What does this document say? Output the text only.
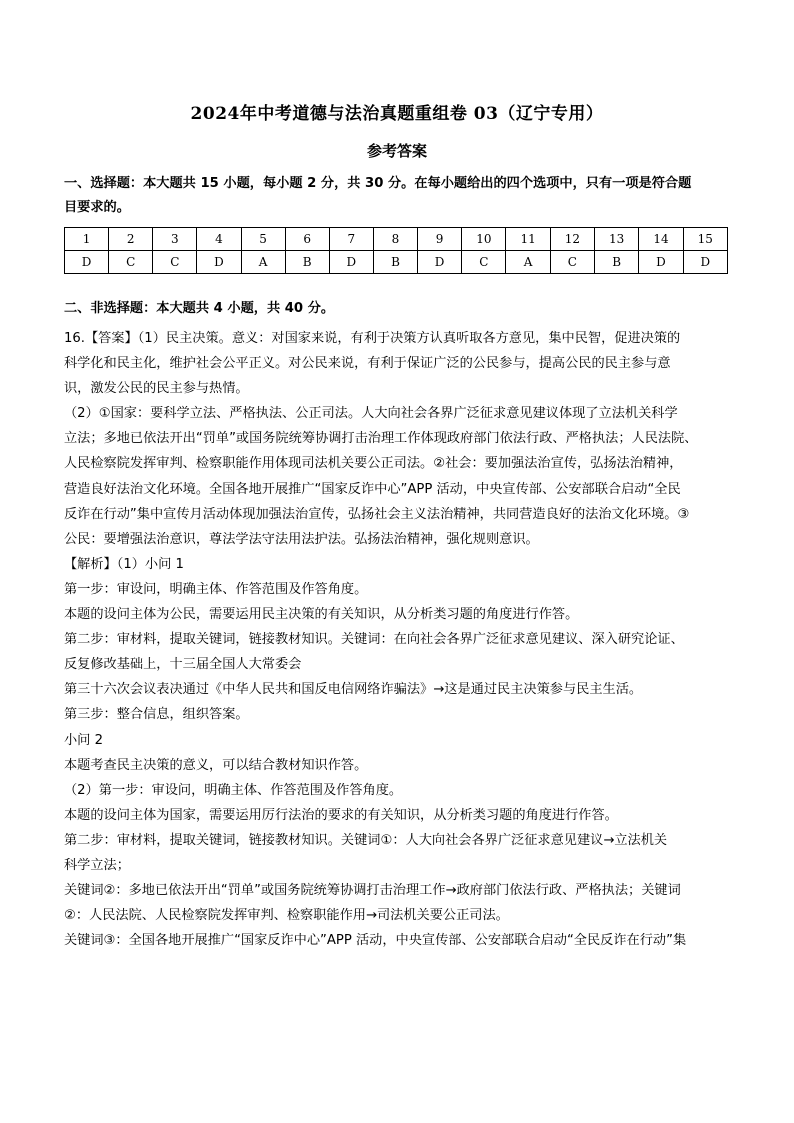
2024年中考道德与法治真题重组卷 03（辽宁专用）
参考答案
一、选择题：本大题共 15 小题，每小题 2 分，共 30 分。在每小题给出的四个选项中，只有一项是符合题
目要求的。
1	2	3	4	5	6	7	8	9	10	11	12	13	14	15
D	C	C	D	A	B	D	B	D	C	A	C	B	D	D
二、非选择题：本大题共 4 小题，共 40 分。
16.【答案】（1）民主决策。意义：对国家来说，有利于决策方认真听取各方意见，集中民智，促进决策的
科学化和民主化，维护社会公平正义。对公民来说，有利于保证广泛的公民参与，提高公民的民主参与意
识，激发公民的民主参与热情。
（2）①国家：要科学立法、严格执法、公正司法。人大向社会各界广泛征求意见建议体现了立法机关科学
立法；多地已依法开出“罚单”或国务院统筹协调打击治理工作体现政府部门依法行政、严格执法；人民法院、
人民检察院发挥审判、检察职能作用体现司法机关要公正司法。②社会：要加强法治宣传，弘扬法治精神，
营造良好法治文化环境。全国各地开展推广“国家反诈中心”APP 活动，中央宣传部、公安部联合启动“全民
反诈在行动”集中宣传月活动体现加强法治宣传，弘扬社会主义法治精神，共同营造良好的法治文化环境。③
公民：要增强法治意识，尊法学法守法用法护法。弘扬法治精神，强化规则意识。
【解析】（1）小问 1
第一步：审设问，明确主体、作答范围及作答角度。
本题的设问主体为公民，需要运用民主决策的有关知识，从分析类习题的角度进行作答。
第二步：审材料，提取关键词，链接教材知识。关键词：在向社会各界广泛征求意见建议、深入研究论证、
反复修改基础上，十三届全国人大常委会
第三十六次会议表决通过《中华人民共和国反电信网络诈骗法》→这是通过民主决策参与民主生活。
第三步：整合信息，组织答案。
小问 2
本题考查民主决策的意义，可以结合教材知识作答。
（2）第一步：审设问，明确主体、作答范围及作答角度。
本题的设问主体为国家，需要运用厉行法治的要求的有关知识，从分析类习题的角度进行作答。
第二步：审材料，提取关键词，链接教材知识。关键词①：人大向社会各界广泛征求意见建议→立法机关
科学立法；
关键词②：多地已依法开出“罚单”或国务院统筹协调打击治理工作→政府部门依法行政、严格执法；关键词
②：人民法院、人民检察院发挥审判、检察职能作用→司法机关要公正司法。
关键词③：全国各地开展推广“国家反诈中心”APP 活动，中央宣传部、公安部联合启动“全民反诈在行动”集
